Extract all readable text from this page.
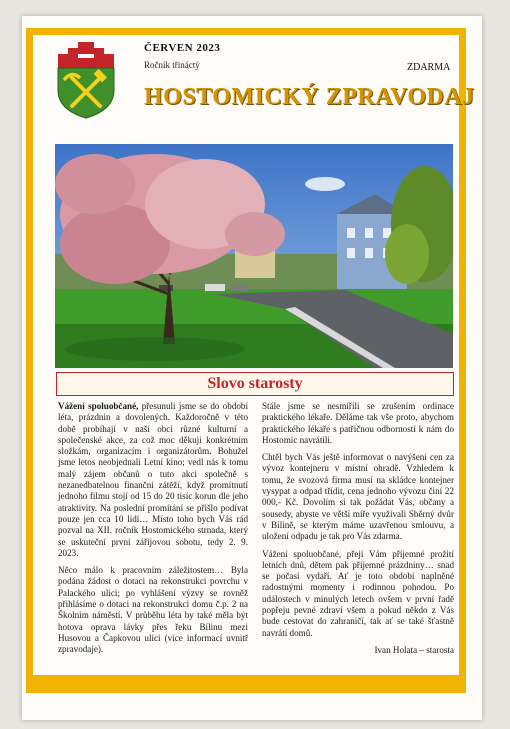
ČERVEN 2023
Ročník třináctý	ZDARMA
HOSTOMICKÝ ZPRAVODAJ
Slovo starosty

Vážení spoluobčané, přesunuli jsme se do období léta, prázdnin a dovolených. Každoročně v této době probíhají v naší obci různé kulturní a společenské akce, za což moc děkuji konkrétním složkám, organizacím i organizátorům. Bohužel jsme letos neobjednali Letní kino; vedl nás k tomu malý zájem občanů o tuto akci společně s nezanedbatelnou finanční zátěží, když promítnutí jednoho filmu stojí od 15 do 20 tisíc korun dle jeho atraktivity. Na poslední promítání se přišlo podívat pouze jen cca 10 lidí… Místo toho bych Vás rád pozval na XII. ročník Hostomického strnada, který se uskuteční první zářijovou sobotu, tedy 2. 9. 2023.

Něco málo k pracovním záležitostem… Byla podána žádost o dotaci na rekonstrukci povrchu v Palackého ulici; po vyhlášení výzvy se rovněž přihlásíme o dotaci na rekonstrukci domu č.p. 2 na Školním náměstí. V průběhu léta by také měla být hotova oprava lávky přes řeku Bílinu mezi Husovou a Čapkovou ulicí (více informací uvnitř zpravodaje).

Stále jsme se nesmířili se zrušením ordinace praktického lékaře. Děláme tak vše proto, abychom praktického lékaře s patřičnou odborností k nám do Hostomic navrátili.

Chtěl bych Vás ještě informovat o navýšení cen za vývoz kontejneru v místní ohradě. Vzhledem k tomu, že svozová firma musí na skládce kontejner vysypat a odpad třídit, cena jednoho vývozu činí 22 000,- Kč. Dovolím si tak požádat Vás, občany a sousedy, abyste ve větší míře využívali Sběrný dvůr v Bílině, se kterým máme uzavřenou smlouvu, a uložení odpadu je tak pro Vás zdarma.

Vážení spoluobčané, přeji Vám příjemné prožití letních dnů, dětem pak příjemné prázdniny… snad se počasí vydaří. Ať je toto období naplněné radostnými momenty i rodinnou pohodou. Po událostech v minulých letech ovšem v první řadě popřeju pevné zdraví všem a pokud někdo z Vás bude cestovat do zahraničí, tak ať se také šťastně navrátí domů.

Ivan Holata – starosta
